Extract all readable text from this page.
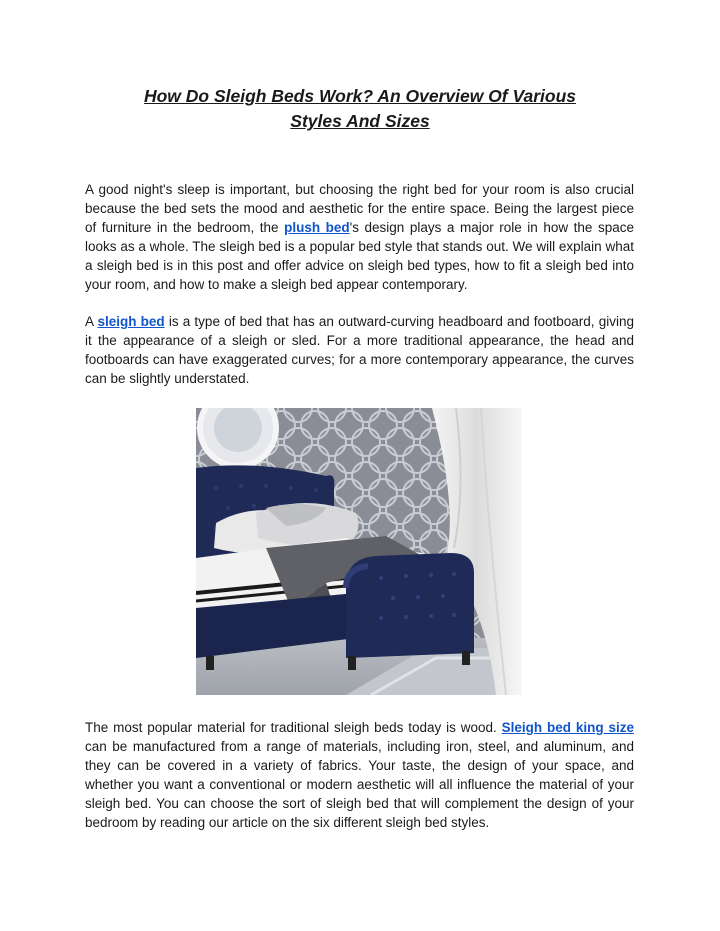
How Do Sleigh Beds Work? An Overview Of Various
Styles And Sizes

A good night's sleep is important, but choosing the right bed for your room is also crucial because the bed sets the mood and aesthetic for the entire space. Being the largest piece of furniture in the bedroom, the plush bed's design plays a major role in how the space looks as a whole. The sleigh bed is a popular bed style that stands out. We will explain what a sleigh bed is in this post and offer advice on sleigh bed types, how to fit a sleigh bed into your room, and how to make a sleigh bed appear contemporary.

A sleigh bed is a type of bed that has an outward-curving headboard and footboard, giving it the appearance of a sleigh or sled. For a more traditional appearance, the head and footboards can have exaggerated curves; for a more contemporary appearance, the curves can be slightly understated.

The most popular material for traditional sleigh beds today is wood. Sleigh bed king size can be manufactured from a range of materials, including iron, steel, and aluminum, and they can be covered in a variety of fabrics. Your taste, the design of your space, and whether you want a conventional or modern aesthetic will all influence the material of your sleigh bed. You can choose the sort of sleigh bed that will complement the design of your bedroom by reading our article on the six different sleigh bed styles.
